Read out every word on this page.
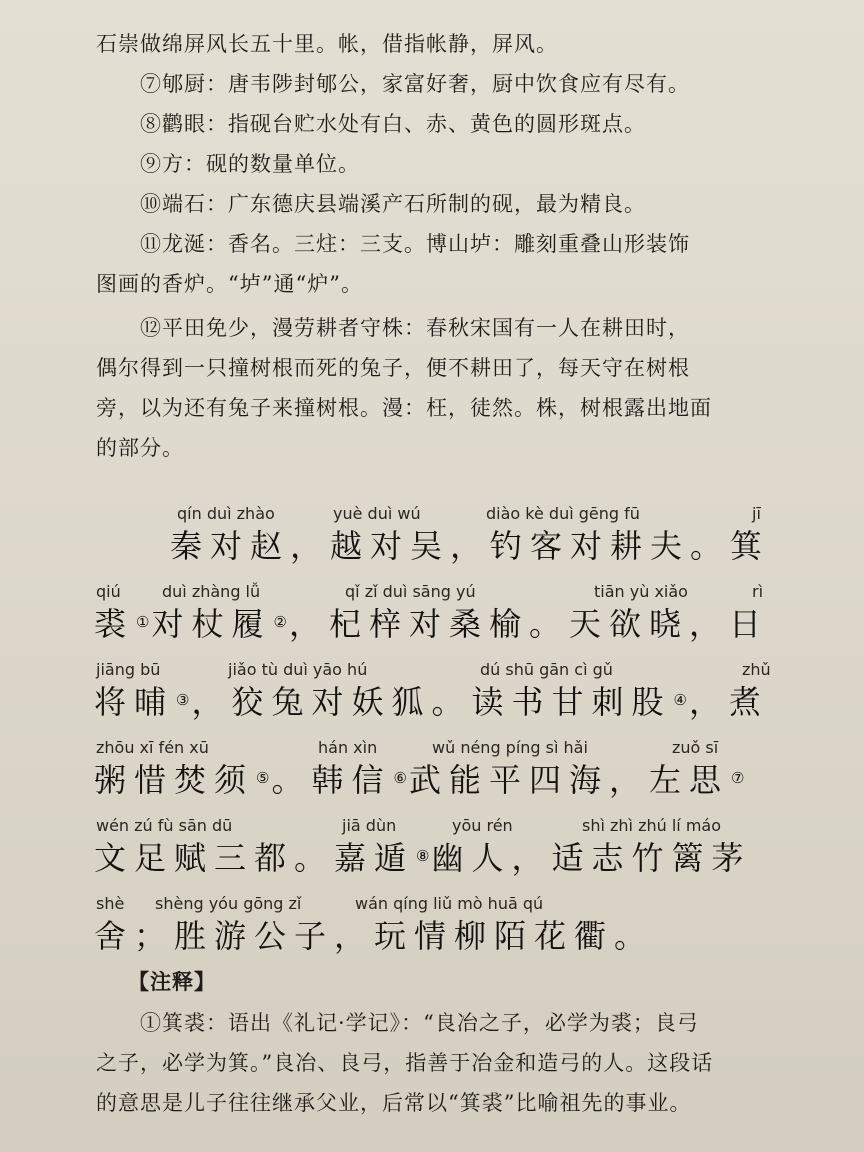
石崇做绵屏风长五十里。帐，借指帐静，屏风。
⑦郇厨：唐韦陟封郇公，家富好奢，厨中饮食应有尽有。
⑧鹳眼：指砚台贮水处有白、赤、黄色的圆形斑点。
⑨方：砚的数量单位。
⑩端石：广东德庆县端溪产石所制的砚，最为精良。
⑪龙涎：香名。三炷：三支。博山垆：雕刻重叠山形装饰
图画的香炉。“垆”通“炉”。
⑫平田免少，漫劳耕者守株：春秋宋国有一人在耕田时，
偶尔得到一只撞树根而死的兔子，便不耕田了，每天守在树根
旁，以为还有兔子来撞树根。漫：枉，徒然。株，树根露出地面
的部分。
qín duì zhào	yuè duì wú	diào kè duì gēng fū	jī
秦对赵，越对吴，钓客对耕夫。箕
qiú	duì zhàng lǚ	qǐ zǐ duì sāng yú	tiān yù xiǎo	rì
裘 ①对杖履 ②，杞梓对桑榆。天欲晓，日
jiāng bū	jiǎo tù duì yāo hú	dú shū gān cì gǔ	zhǔ
将晡 ③，狡兔对妖狐。读书甘刺股 ④，煮
zhōu xī fén xū	hán xìn	wǔ néng píng sì hǎi	zuǒ sī
粥惜焚须 ⑤。韩信 ⑥武能平四海，左思 ⑦
wén zú fù sān dū	jiā dùn	yōu rén	shì zhì zhú lí máo
文足赋三都。嘉遁 ⑧幽人，适志竹篱茅
shè shèng yóu gōng zǐ	wán qíng liǔ mò huā qú
舍；胜游公子，玩情柳陌花衢。
【注释】
①箕裘：语出《礼记·学记》：“良冶之子，必学为裘；良弓
之子，必学为箕。”良冶、良弓，指善于冶金和造弓的人。这段话
的意思是儿子往往继承父业，后常以“箕裘”比喻祖先的事业。
